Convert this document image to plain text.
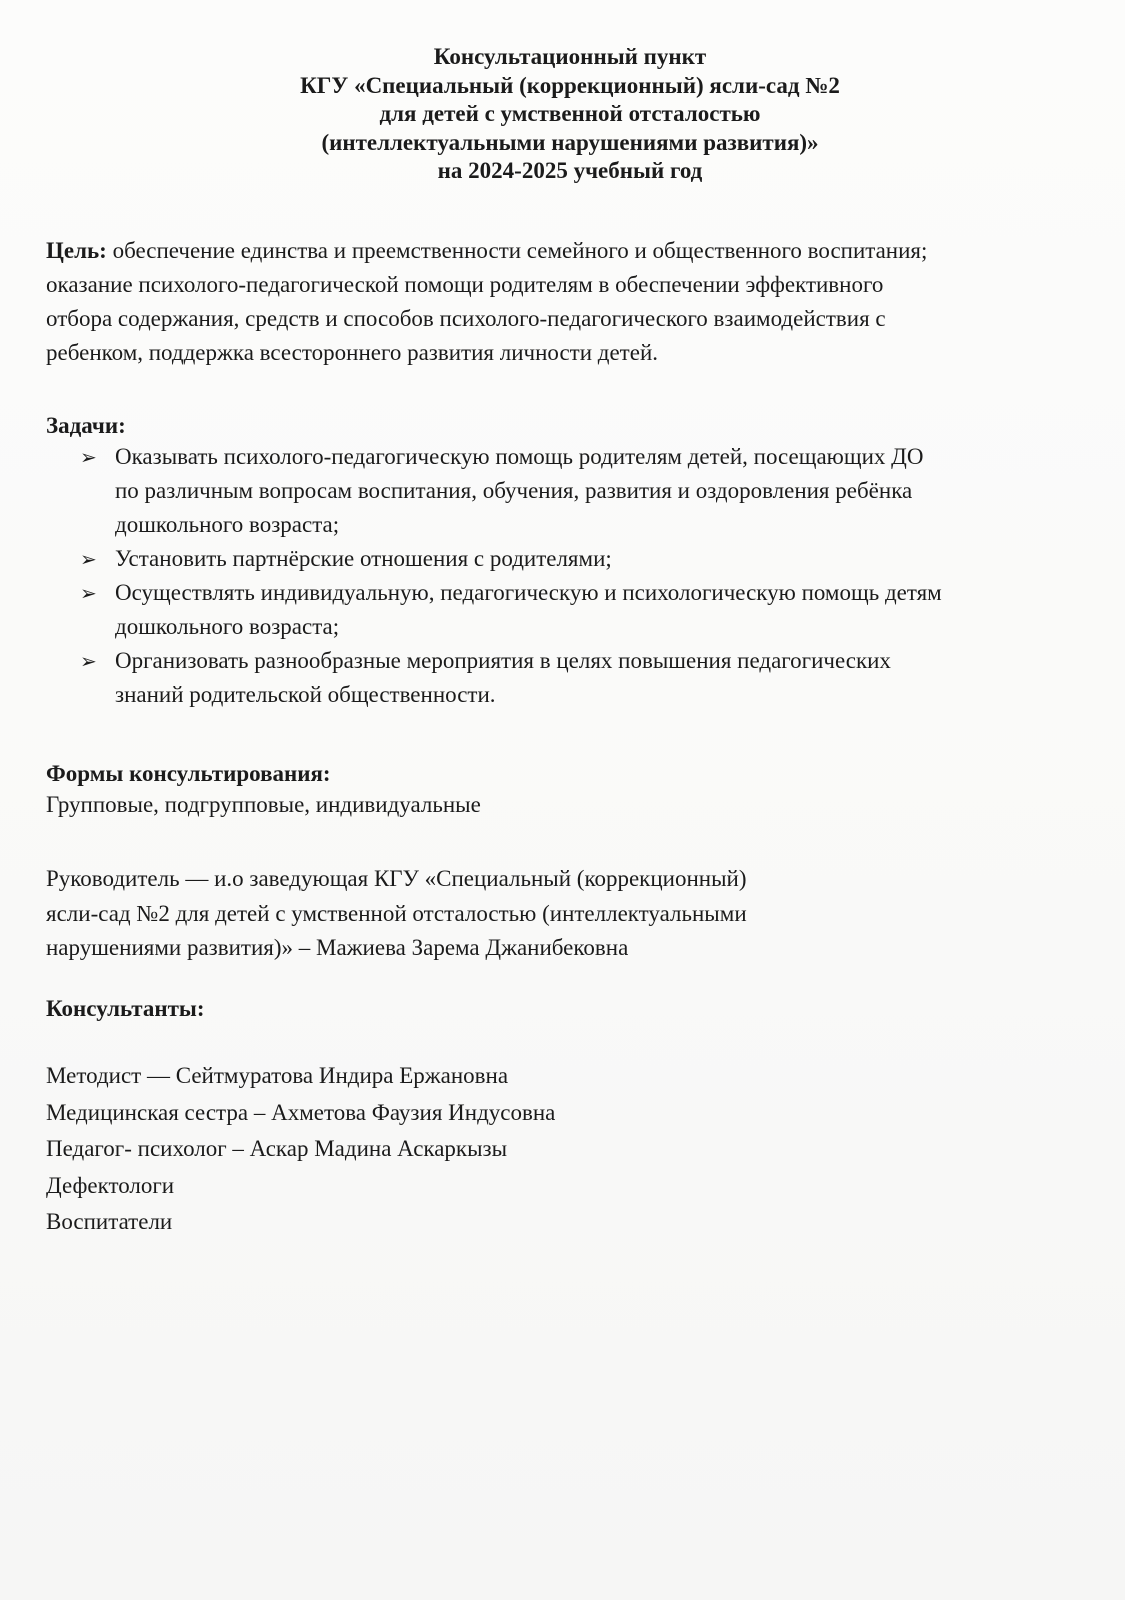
Консультационный пункт
КГУ «Специальный (коррекционный) ясли-сад №2
для детей с умственной отсталостью
(интеллектуальными нарушениями развития)»
на 2024-2025 учебный год
Цель: обеспечение единства и преемственности семейного и общественного воспитания;
оказание психолого-педагогической помощи родителям в обеспечении эффективного
отбора содержания, средств и способов психолого-педагогического взаимодействия с
ребенком, поддержка всестороннего развития личности детей.
Задачи:
➢ Оказывать психолого-педагогическую помощь родителям детей, посещающих ДО
по различным вопросам воспитания, обучения, развития и оздоровления ребёнка
дошкольного возраста;
➢ Установить партнёрские отношения с родителями;
➢ Осуществлять индивидуальную, педагогическую и психологическую помощь детям
дошкольного возраста;
➢ Организовать разнообразные мероприятия в целях повышения педагогических
знаний родительской общественности.
Формы консультирования:
Групповые, подгрупповые, индивидуальные
Руководитель — и.о заведующая КГУ «Специальный (коррекционный)
ясли-сад №2 для детей с умственной отсталостью (интеллектуальными
нарушениями развития)» – Мажиева Зарема Джанибековна
Консультанты:
Методист — Сейтмуратова Индира Ержановна
Медицинская сестра – Ахметова Фаузия Индусовна
Педагог- психолог – Аскар Мадина Аскаркызы
Дефектологи
Воспитатели
